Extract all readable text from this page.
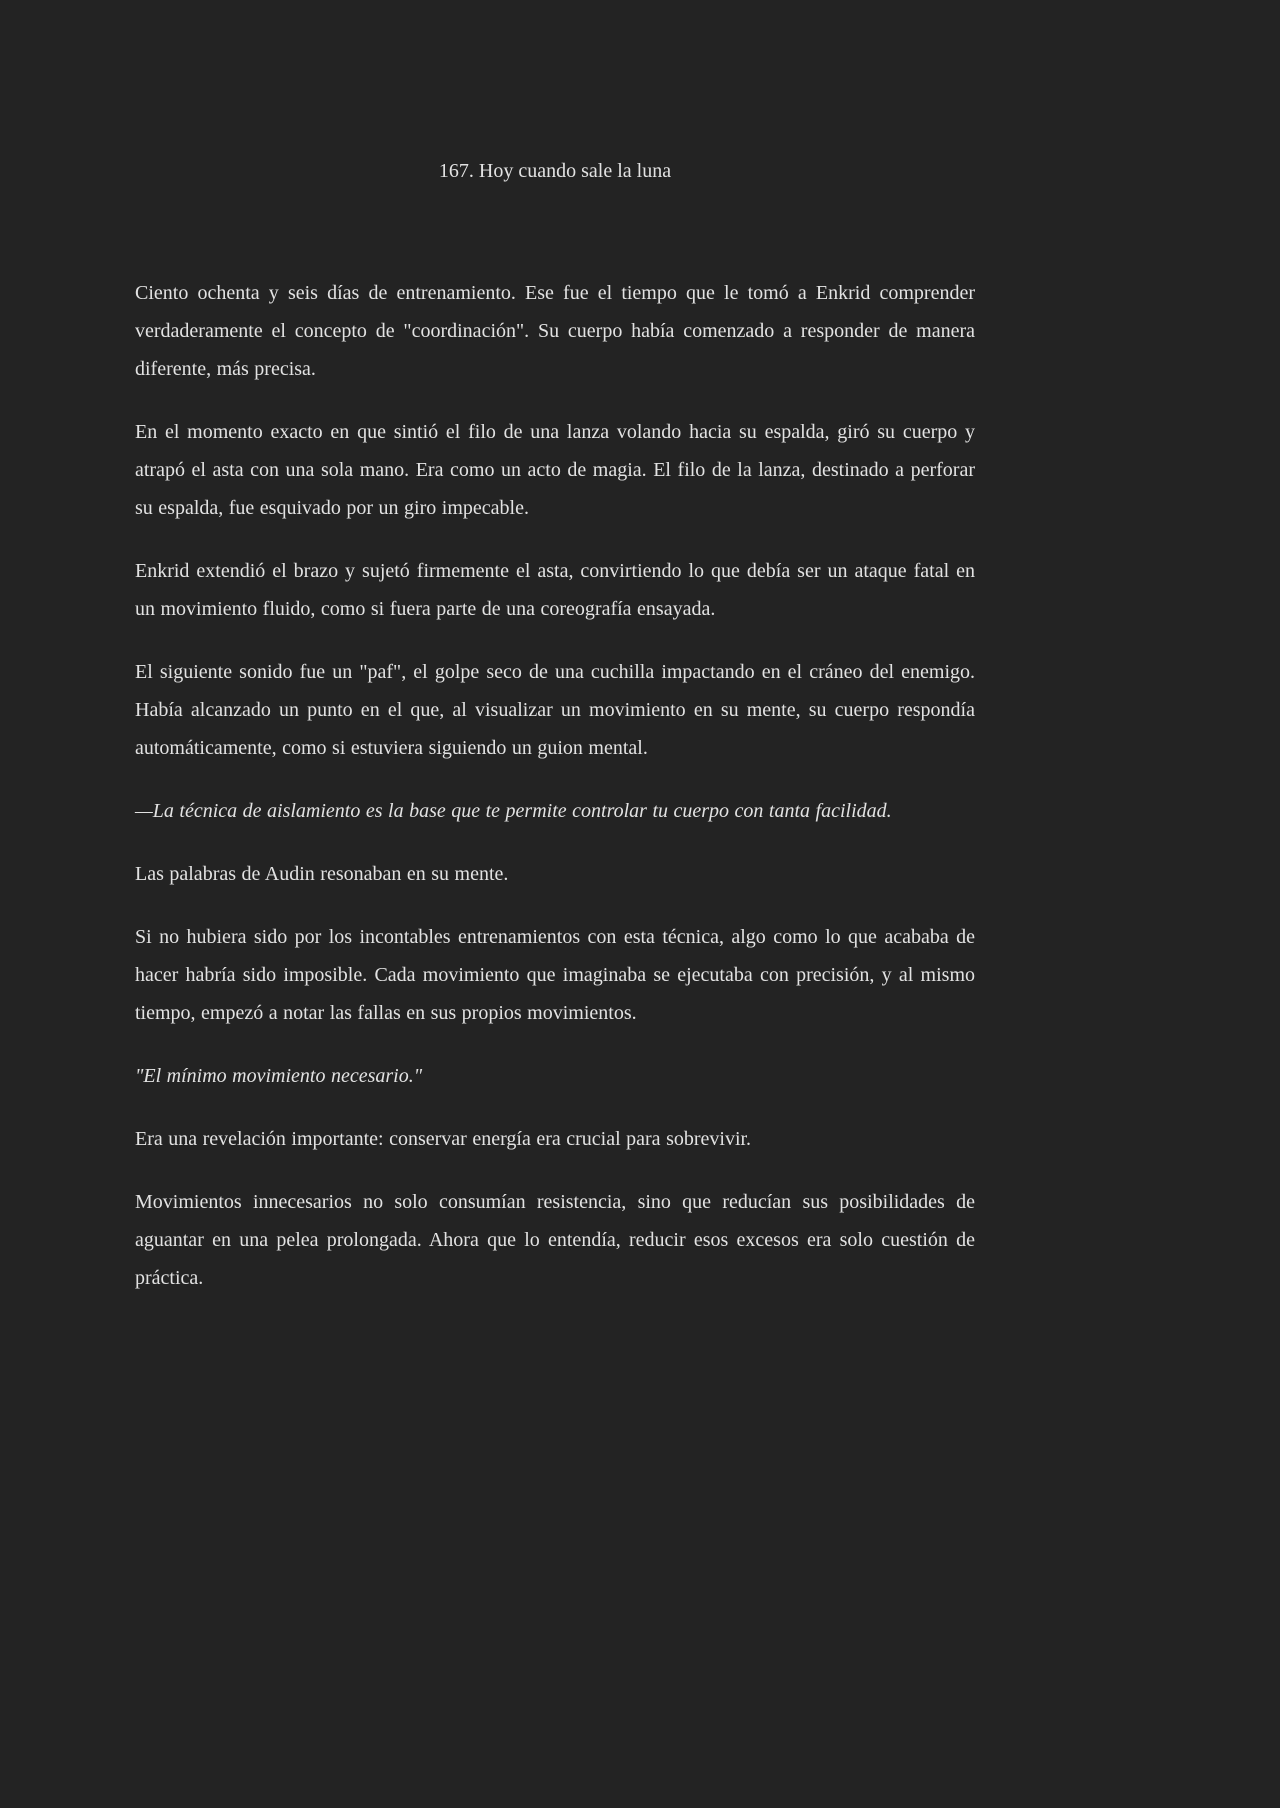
167. Hoy cuando sale la luna

Ciento ochenta y seis días de entrenamiento. Ese fue el tiempo que le tomó a Enkrid comprender verdaderamente el concepto de "coordinación". Su cuerpo había comenzado a responder de manera diferente, más precisa.

En el momento exacto en que sintió el filo de una lanza volando hacia su espalda, giró su cuerpo y atrapó el asta con una sola mano. Era como un acto de magia. El filo de la lanza, destinado a perforar su espalda, fue esquivado por un giro impecable.

Enkrid extendió el brazo y sujetó firmemente el asta, convirtiendo lo que debía ser un ataque fatal en un movimiento fluido, como si fuera parte de una coreografía ensayada.

El siguiente sonido fue un "paf", el golpe seco de una cuchilla impactando en el cráneo del enemigo. Había alcanzado un punto en el que, al visualizar un movimiento en su mente, su cuerpo respondía automáticamente, como si estuviera siguiendo un guion mental.

—La técnica de aislamiento es la base que te permite controlar tu cuerpo con tanta facilidad.

Las palabras de Audin resonaban en su mente.

Si no hubiera sido por los incontables entrenamientos con esta técnica, algo como lo que acababa de hacer habría sido imposible. Cada movimiento que imaginaba se ejecutaba con precisión, y al mismo tiempo, empezó a notar las fallas en sus propios movimientos.

"El mínimo movimiento necesario."

Era una revelación importante: conservar energía era crucial para sobrevivir.

Movimientos innecesarios no solo consumían resistencia, sino que reducían sus posibilidades de aguantar en una pelea prolongada. Ahora que lo entendía, reducir esos excesos era solo cuestión de práctica.
